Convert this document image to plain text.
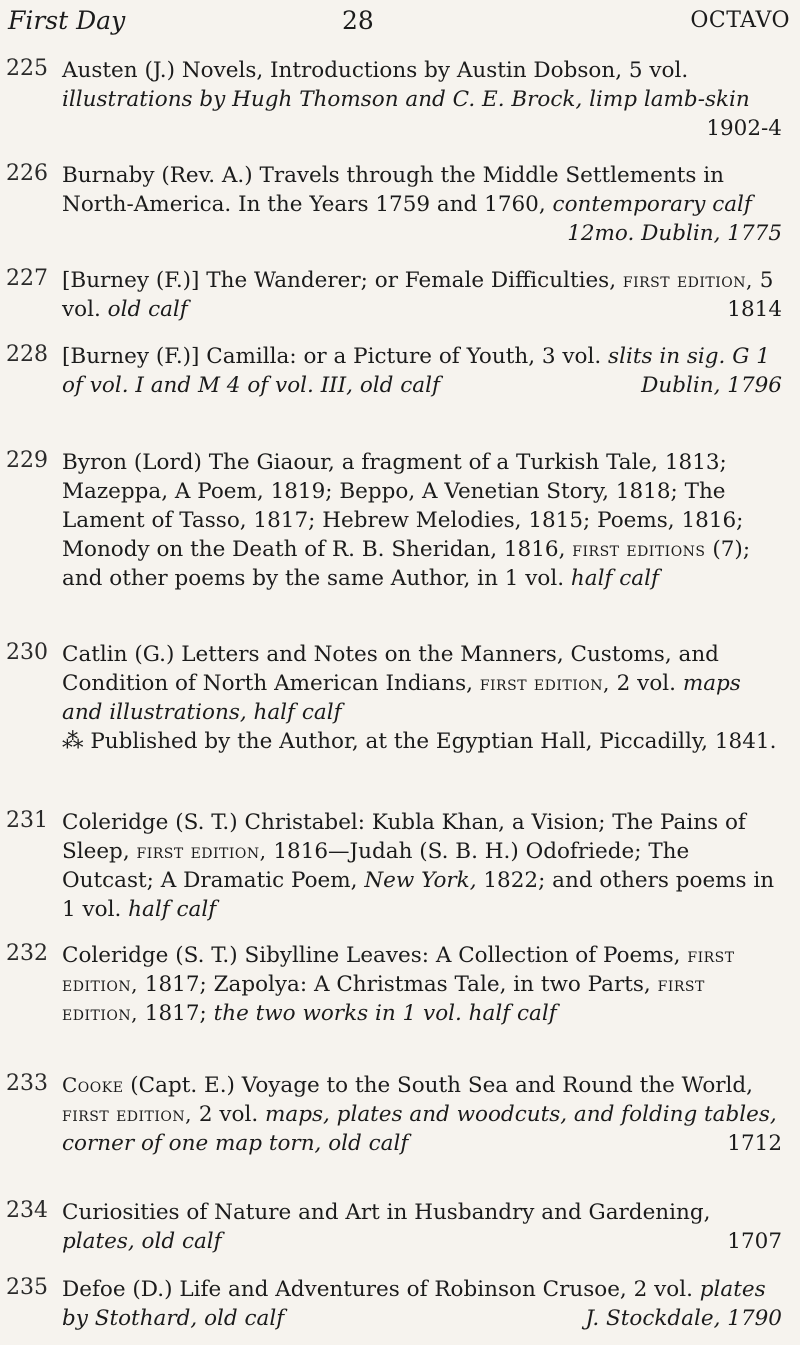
First Day	28	OCTAVO
225 Austen (J.) Novels, Introductions by Austin Dobson, 5 vol. illustrations by Hugh Thomson and C. E. Brock, limp lamb-skin
1902-4
226 Burnaby (Rev. A.) Travels through the Middle Settlements in North-America. In the Years 1759 and 1760, contemporary calf
12mo. Dublin, 1775
227 [Burney (F.)] The Wanderer; or Female Difficulties, first edition, 5 vol. old calf	1814
228 [Burney (F.)] Camilla: or a Picture of Youth, 3 vol. slits in sig. G 1 of vol. I and M 4 of vol. III, old calf	Dublin, 1796
229 Byron (Lord) The Giaour, a fragment of a Turkish Tale, 1813; Mazeppa, A Poem, 1819; Beppo, A Venetian Story, 1818; The Lament of Tasso, 1817; Hebrew Melodies, 1815; Poems, 1816; Monody on the Death of R. B. Sheridan, 1816, first editions (7); and other poems by the same Author, in 1 vol. half calf
230 Catlin (G.) Letters and Notes on the Manners, Customs, and Condition of North American Indians, first edition, 2 vol. maps and illustrations, half calf
⁂ Published by the Author, at the Egyptian Hall, Piccadilly, 1841.
231 Coleridge (S. T.) Christabel: Kubla Khan, a Vision; The Pains of Sleep, first edition, 1816—Judah (S. B. H.) Odofriede; The Outcast; A Dramatic Poem, New York, 1822; and others poems in 1 vol. half calf
232 Coleridge (S. T.) Sibylline Leaves: A Collection of Poems, first edition, 1817; Zapolya: A Christmas Tale, in two Parts, first edition, 1817; the two works in 1 vol. half calf
233 Cooke (Capt. E.) Voyage to the South Sea and Round the World, first edition, 2 vol. maps, plates and woodcuts, and folding tables, corner of one map torn, old calf	1712
234 Curiosities of Nature and Art in Husbandry and Gardening, plates, old calf	1707
235 Defoe (D.) Life and Adventures of Robinson Crusoe, 2 vol. plates by Stothard, old calf	J. Stockdale, 1790
